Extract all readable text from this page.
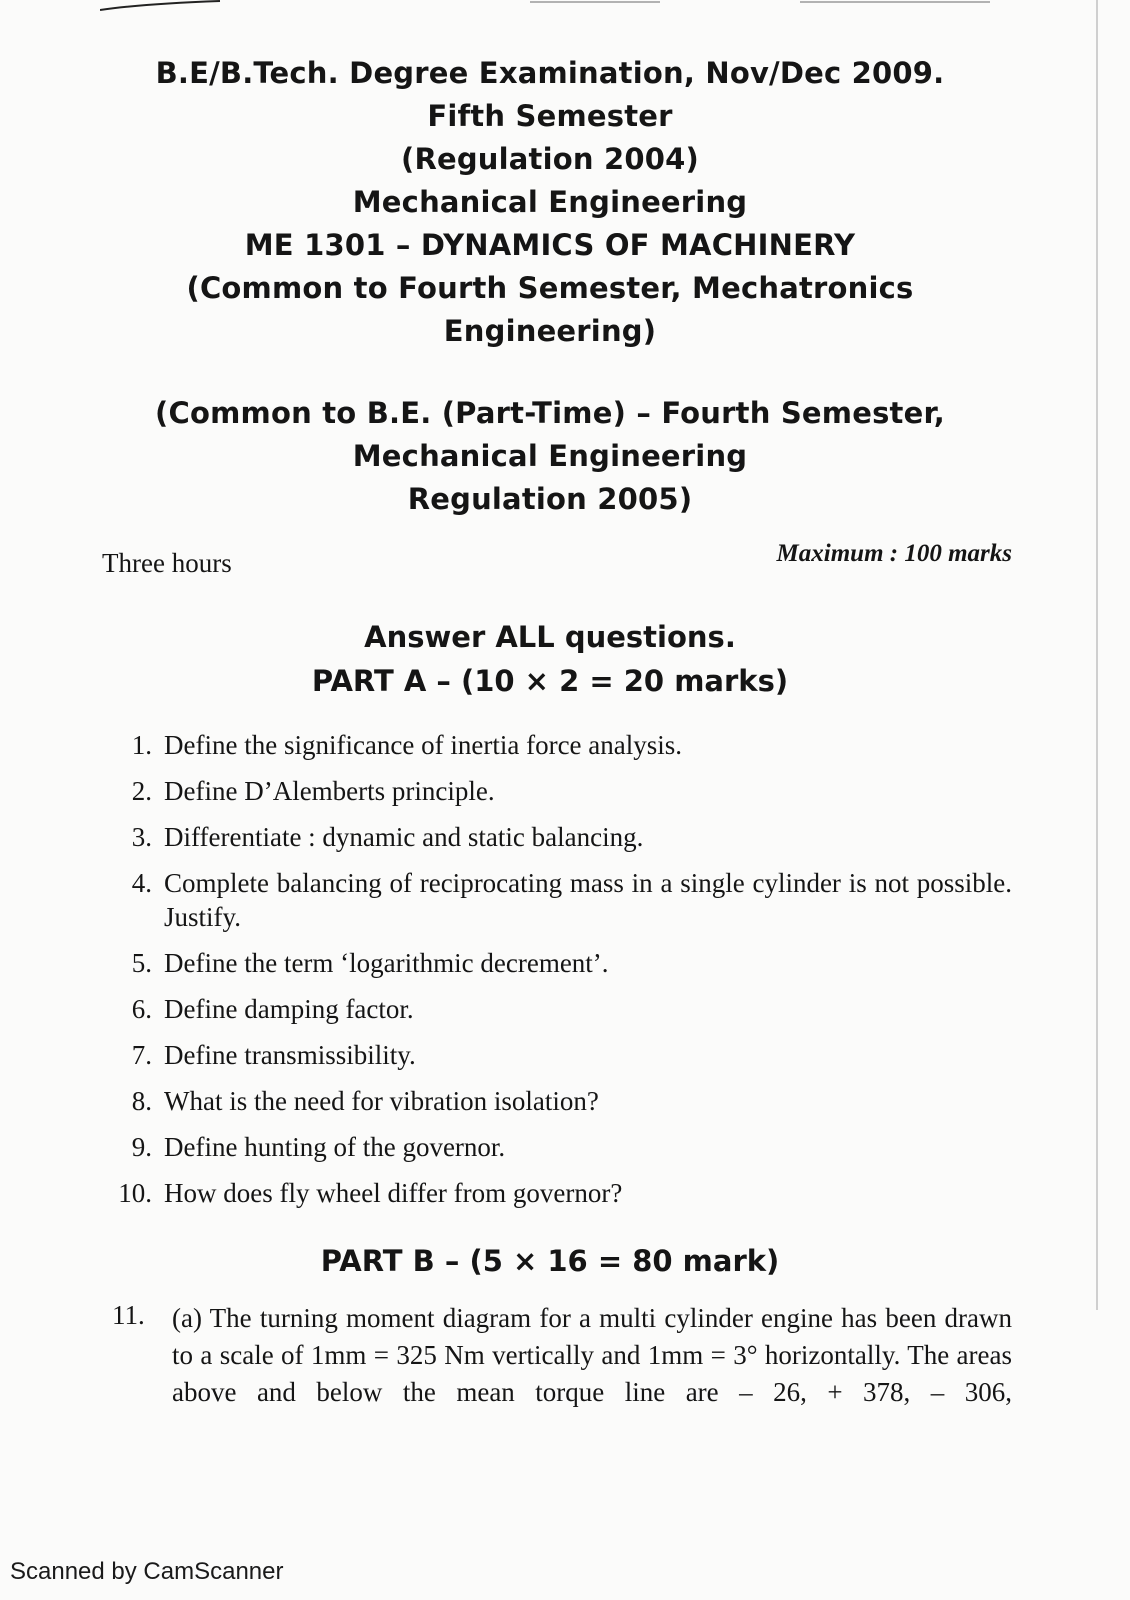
B.E/B.Tech. Degree Examination, Nov/Dec 2009.
Fifth Semester
(Regulation 2004)
Mechanical Engineering
ME 1301 – DYNAMICS OF MACHINERY
(Common to Fourth Semester, Mechatronics
Engineering)
(Common to B.E. (Part-Time) – Fourth Semester,
Mechanical Engineering
Regulation 2005)
Three hours	Maximum : 100 marks
Answer ALL questions.
PART A – (10 × 2 = 20 marks)
1. Define the significance of inertia force analysis.
2. Define D’Alemberts principle.
3. Differentiate : dynamic and static balancing.
4. Complete balancing of reciprocating mass in a single cylinder is not possible. Justify.
5. Define the term ‘logarithmic decrement’.
6. Define damping factor.
7. Define transmissibility.
8. What is the need for vibration isolation?
9. Define hunting of the governor.
10. How does fly wheel differ from governor?
PART B – (5 × 16 = 80 mark)
11. (a) The turning moment diagram for a multi cylinder engine has been drawn to a scale of 1mm = 325 Nm vertically and 1mm = 3° horizontally. The areas above and below the mean torque line are – 26, + 378, – 306,
Scanned by CamScanner
